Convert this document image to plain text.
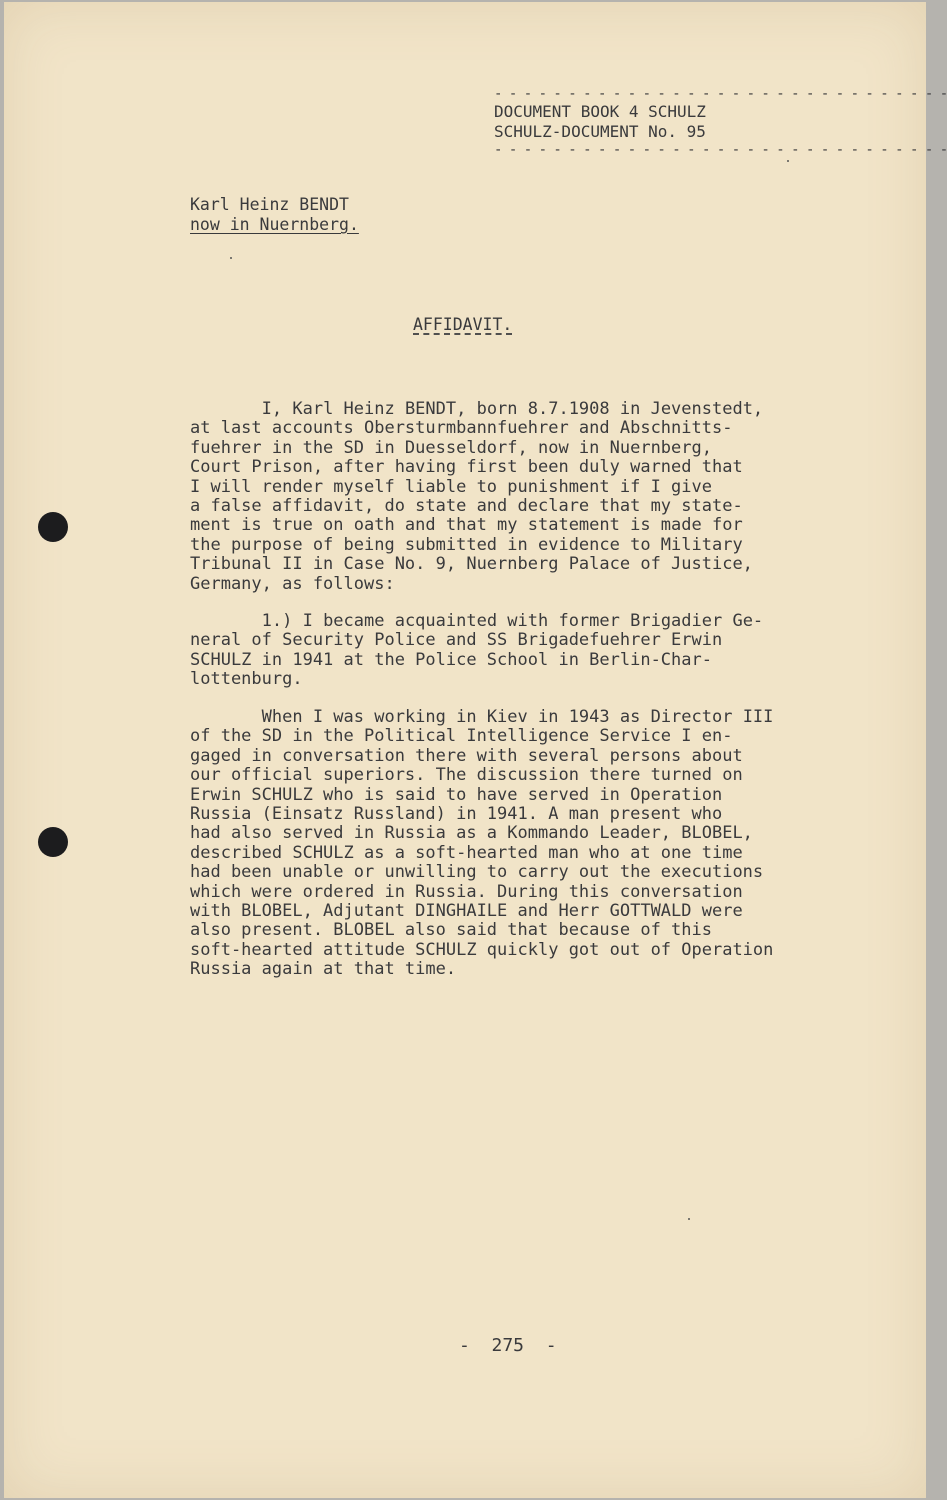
- - - - - - - - - - - - - - - - - - - - - - - - - - - - - - -
DOCUMENT BOOK 4 SCHULZ
SCHULZ-DOCUMENT No. 95
- - - - - - - - - - - - - - - - - - - - - - - - - - - - - - -
Karl Heinz BENDT
now in Nuernberg.
AFFIDAVIT.

I, Karl Heinz BENDT, born 8.7.1908 in Jevenstedt,
at last accounts Obersturmbannfuehrer and Abschnitts-
fuehrer in the SD in Duesseldorf, now in Nuernberg,
Court Prison, after having first been duly warned that
I will render myself liable to punishment if I give
a false affidavit, do state and declare that my state-
ment is true on oath and that my statement is made for
the purpose of being submitted in evidence to Military
Tribunal II in Case No. 9, Nuernberg Palace of Justice,
Germany, as follows:

1.) I became acquainted with former Brigadier Ge-
neral of Security Police and SS Brigadefuehrer Erwin
SCHULZ in 1941 at the Police School in Berlin-Char-
lottenburg.

When I was working in Kiev in 1943 as Director III
of the SD in the Political Intelligence Service I en-
gaged in conversation there with several persons about
our official superiors. The discussion there turned on
Erwin SCHULZ who is said to have served in Operation
Russia (Einsatz Russland) in 1941. A man present who
had also served in Russia as a Kommando Leader, BLOBEL,
described SCHULZ as a soft-hearted man who at one time
had been unable or unwilling to carry out the executions
which were ordered in Russia. During this conversation
with BLOBEL, Adjutant DINGHAILE and Herr GOTTWALD were
also present. BLOBEL also said that because of this
soft-hearted attitude SCHULZ quickly got out of Operation
Russia again at that time.

-  275  -
